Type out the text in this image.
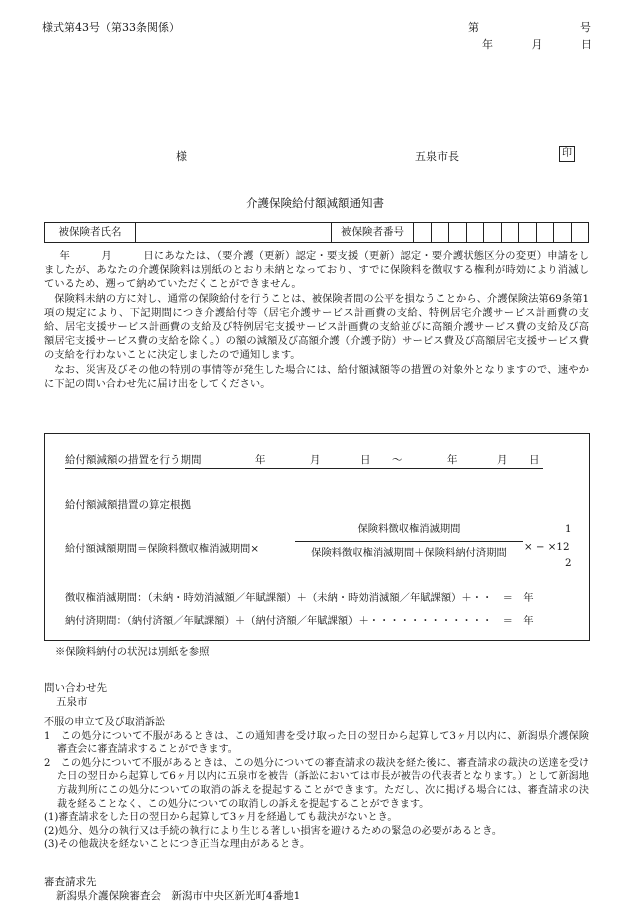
様式第43号（第33条関係）	第	号
年	月	日
様	五泉市長	印
介護保険給付額減額通知書
被保険者氏名	被保険者番号

年　　　月　　　日にあなたは、（要介護（更新）認定・要支援（更新）認定・要介護状態区分の変更）申請をしましたが、あなたの介護保険料は別紙のとおり未納となっており、すでに保険料を徴収する権利が時効により消滅しているため、遡って納めていただくことができません。

保険料未納の方に対し、通常の保険給付を行うことは、被保険者間の公平を損なうことから、介護保険法第69条第1項の規定により、下記期間につき介護給付等（居宅介護サービス計画費の支給、特例居宅介護サービス計画費の支給、居宅支援サービス計画費の支給及び特例居宅支援サービス計画費の支給並びに高額介護サービス費の支給及び高額居宅支援サービス費の支給を除く。）の額の減額及び高額介護（介護予防）サービス費及び高額居宅支援サービス費の支給を行わないことに決定しましたので通知します。

なお、災害及びその他の特別の事情等が発生した場合には、給付額減額等の措置の対象外となりますので、速やかに下記の問い合わせ先に届け出をしてください。

給付額減額の措置を行う期間	年	月	日	～	年	月	日
給付額減額措置の算定根拠
給付額減額期間＝保険料徴収権消滅期間×
保険料徴収権消滅期間
保険料徴収権消滅期間＋保険料納付済期間
1
× − ×12
2
徴収権消滅期間：（未納・時効消滅額／年賦課額）＋（未納・時効消滅額／年賦課額）＋・・　＝　年
納付済期間：（納付済額／年賦課額）＋（納付済額／年賦課額）＋・・・・・・・・・・・・　＝　年
※保険料納付の状況は別紙を参照
問い合わせ先
五泉市

不服の申立て及び取消訴訟

1　この処分について不服があるときは、この通知書を受け取った日の翌日から起算して3ヶ月以内に、新潟県介護保険審査会に審査請求することができます。

2　この処分について不服があるときは、この処分についての審査請求の裁決を経た後に、審査請求の裁決の送達を受けた日の翌日から起算して6ヶ月以内に五泉市を被告（訴訟においては市長が被告の代表者となります。）として新潟地方裁判所にこの処分についての取消の訴えを提起することができます。ただし、次に掲げる場合には、審査請求の決裁を経ることなく、この処分についての取消しの訴えを提起することができます。

(1)審査請求をした日の翌日から起算して3ヶ月を経過しても裁決がないとき。

(2)処分、処分の執行又は手続の執行により生じる著しい損害を避けるための緊急の必要があるとき。

(3)その他裁決を経ないことにつき正当な理由があるとき。

審査請求先
新潟県介護保険審査会　新潟市中央区新光町4番地1
